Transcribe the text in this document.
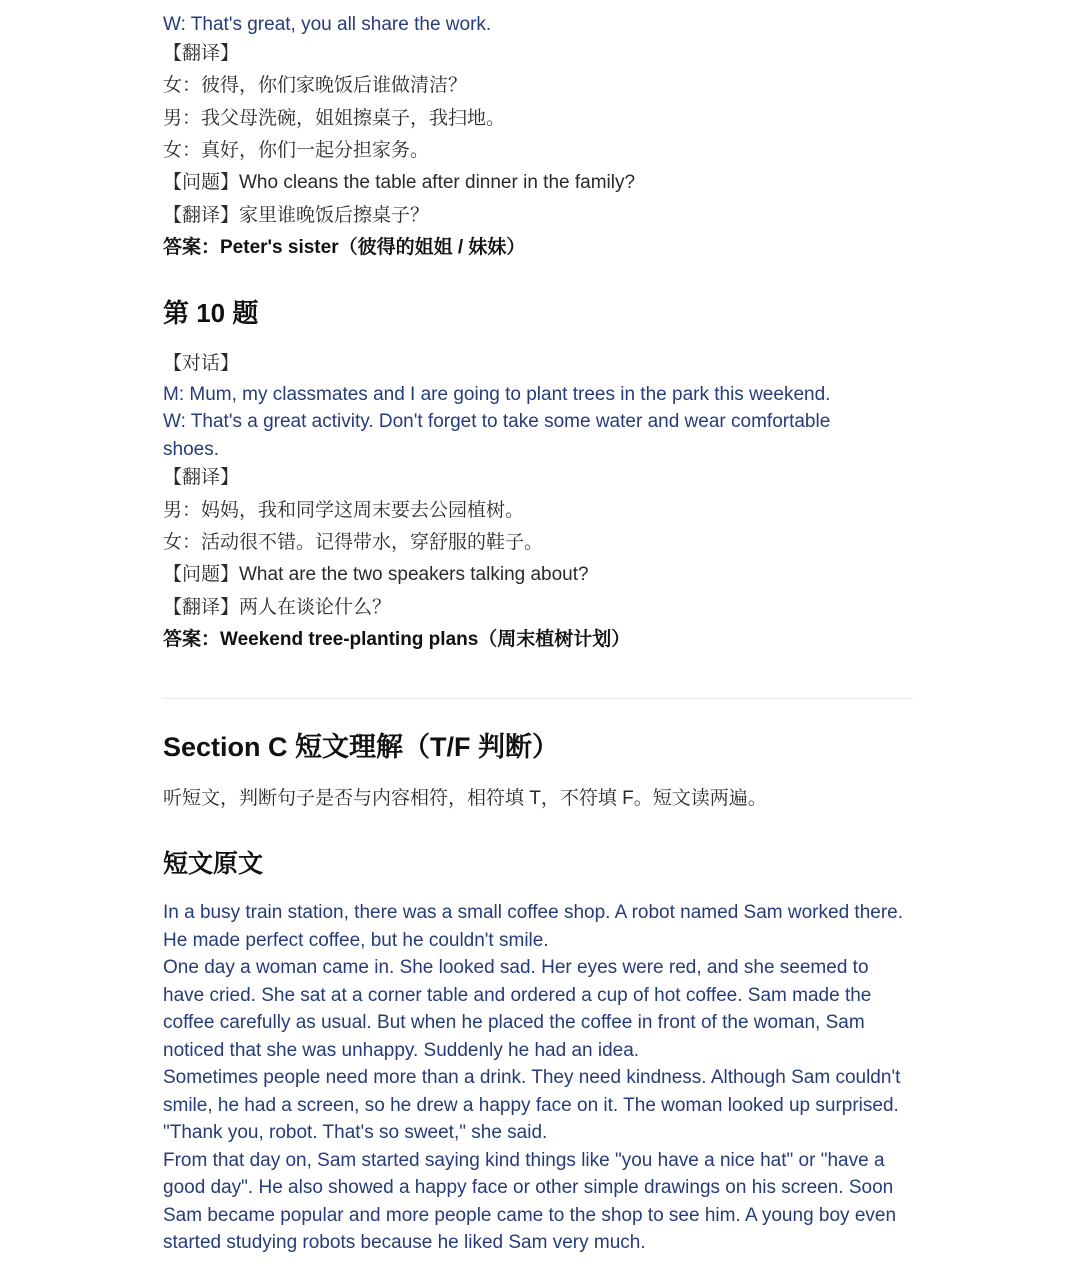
W: That's great, you all share the work.
【翻译】
女：彼得，你们家晚饭后谁做清洁？
男：我父母洗碗，姐姐擦桌子，我扫地。
女：真好，你们一起分担家务。
【问题】Who cleans the table after dinner in the family?
【翻译】家里谁晚饭后擦桌子？
答案：Peter's sister（彼得的姐姐 / 妹妹）
第 10 题
【对话】
M: Mum, my classmates and I are going to plant trees in the park this weekend.
W: That's a great activity. Don't forget to take some water and wear comfortable shoes.
【翻译】
男：妈妈，我和同学这周末要去公园植树。
女：活动很不错。记得带水，穿舒服的鞋子。
【问题】What are the two speakers talking about?
【翻译】两人在谈论什么？
答案：Weekend tree-planting plans（周末植树计划）
Section C 短文理解（T/F 判断）
听短文，判断句子是否与内容相符，相符填 T，不符填 F。短文读两遍。
短文原文

In a busy train station, there was a small coffee shop. A robot named Sam worked there. He made perfect coffee, but he couldn't smile.

One day a woman came in. She looked sad. Her eyes were red, and she seemed to have cried. She sat at a corner table and ordered a cup of hot coffee. Sam made the coffee carefully as usual. But when he placed the coffee in front of the woman, Sam noticed that she was unhappy. Suddenly he had an idea.

Sometimes people need more than a drink. They need kindness. Although Sam couldn't smile, he had a screen, so he drew a happy face on it. The woman looked up surprised. "Thank you, robot. That's so sweet," she said.

From that day on, Sam started saying kind things like "you have a nice hat" or "have a good day". He also showed a happy face or other simple drawings on his screen. Soon Sam became popular and more people came to the shop to see him. A young boy even started studying robots because he liked Sam very much.
